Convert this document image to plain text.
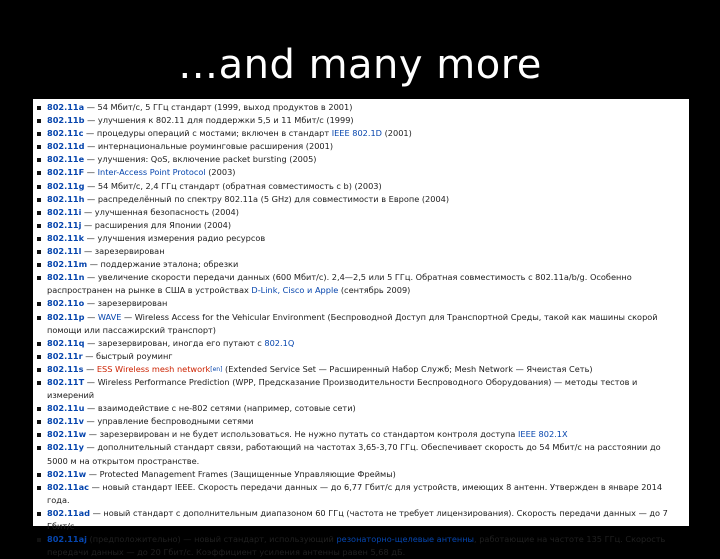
…and many more
802.11a — 54 Мбит/с, 5 ГГц стандарт (1999, выход продуктов в 2001)
802.11b — улучшения к 802.11 для поддержки 5,5 и 11 Мбит/с (1999)
802.11c — процедуры операций с мостами; включен в стандарт IEEE 802.1D (2001)
802.11d — интернациональные роуминговые расширения (2001)
802.11e — улучшения: QoS, включение packet bursting (2005)
802.11F — Inter-Access Point Protocol (2003)
802.11g — 54 Мбит/с, 2,4 ГГц стандарт (обратная совместимость с b) (2003)
802.11h — распределённый по спектру 802.11a (5 GHz) для совместимости в Европе (2004)
802.11i — улучшенная безопасность (2004)
802.11j — расширения для Японии (2004)
802.11k — улучшения измерения радио ресурсов
802.11l — зарезервирован
802.11m — поддержание эталона; обрезки
802.11n — увеличение скорости передачи данных (600 Мбит/c). 2,4—2,5 или 5 ГГц. Обратная совместимость с 802.11a/b/g. Особенно распространен на рынке в США в устройствах D-Link, Cisco и Apple (сентябрь 2009)
802.11o — зарезервирован
802.11p — WAVE — Wireless Access for the Vehicular Environment (Беспроводной Доступ для Транспортной Среды, такой как машины скорой помощи или пассажирский транспорт)
802.11q — зарезервирован, иногда его путают с 802.1Q
802.11r — быстрый роуминг
802.11s — ESS Wireless mesh network[en] (Extended Service Set — Расширенный Набор Служб; Mesh Network — Ячеистая Сеть)
802.11T — Wireless Performance Prediction (WPP, Предсказание Производительности Беспроводного Оборудования) — методы тестов и измерений
802.11u — взаимодействие с не-802 сетями (например, сотовые сети)
802.11v — управление беспроводными сетями
802.11w — зарезервирован и не будет использоваться. Не нужно путать со стандартом контроля доступа IEEE 802.1X
802.11y — дополнительный стандарт связи, работающий на частотах 3,65-3,70 ГГц. Обеспечивает скорость до 54 Мбит/с на расстоянии до 5000 м на открытом пространстве.
802.11w — Protected Management Frames (Защищенные Управляющие Фреймы)
802.11ac — новый стандарт IEEE. Скорость передачи данных — до 6,77 Гбит/с для устройств, имеющих 8 антенн. Утвержден в январе 2014 года.
802.11ad — новый стандарт с дополнительным диапазоном 60 ГГц (частота не требует лицензирования). Скорость передачи данных — до 7 Гбит/с
802.11aj (предположительно) — новый стандарт, использующий резонаторно-щелевые антенны, работающие на частоте 135 ГГц. Скорость передачи данных — до 20 Гбит/с. Коэффициент усиления антенны равен 5,68 дБ.
